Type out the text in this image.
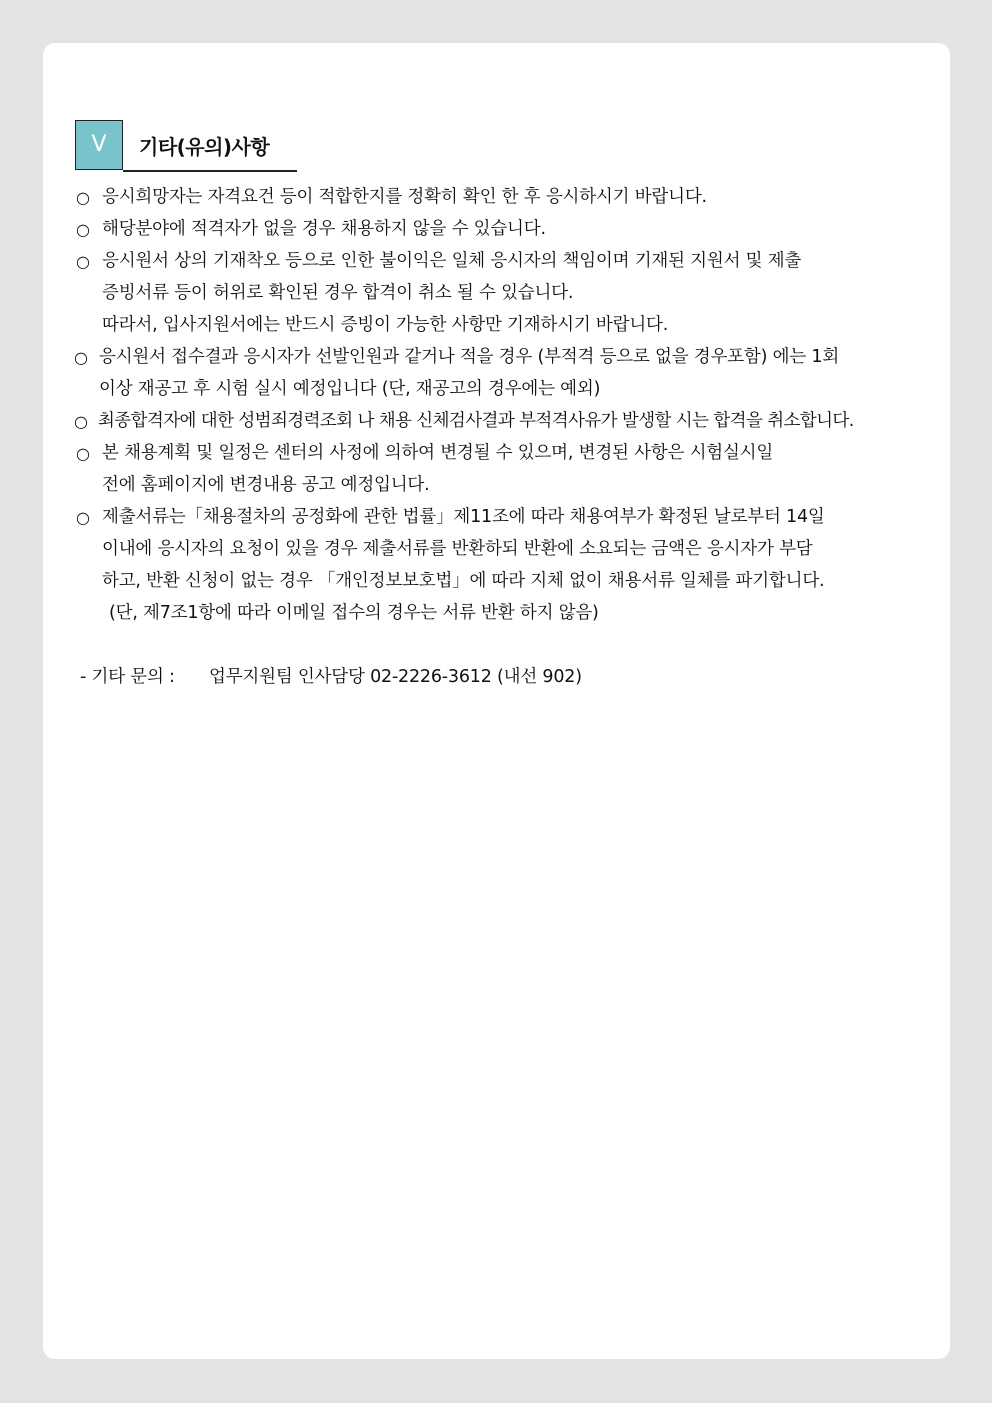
V	기타(유의)사항
○ 응시희망자는 자격요건 등이 적합한지를 정확히 확인 한 후 응시하시기 바랍니다.
○ 해당분야에 적격자가 없을 경우 채용하지 않을 수 있습니다.
○ 응시원서 상의 기재착오 등으로 인한 불이익은 일체 응시자의 책임이며 기재된 지원서 및 제출
증빙서류 등이 허위로 확인된 경우 합격이 취소 될 수 있습니다.
따라서, 입사지원서에는 반드시 증빙이 가능한 사항만 기재하시기 바랍니다.
○ 응시원서 접수결과 응시자가 선발인원과 같거나 적을 경우 (부적격 등으로 없을 경우포함) 에는 1회
이상 재공고 후 시험 실시 예정입니다 (단, 재공고의 경우에는 예외)
○ 최종합격자에 대한 성범죄경력조회 나 채용 신체검사결과 부적격사유가 발생할 시는 합격을 취소합니다.
○ 본 채용계획 및 일정은 센터의 사정에 의하여 변경될 수 있으며, 변경된 사항은 시험실시일
전에 홈페이지에 변경내용 공고 예정입니다.
○ 제출서류는「채용절차의 공정화에 관한 법률」제11조에 따라 채용여부가 확정된 날로부터 14일
이내에 응시자의 요청이 있을 경우 제출서류를 반환하되 반환에 소요되는 금액은 응시자가 부담
하고, 반환 신청이 없는 경우 「개인정보보호법」에 따라 지체 없이 채용서류 일체를 파기합니다.
(단, 제7조1항에 따라 이메일 접수의 경우는 서류 반환 하지 않음)
- 기타 문의 : 업무지원팀 인사담당 02-2226-3612 (내선 902)
